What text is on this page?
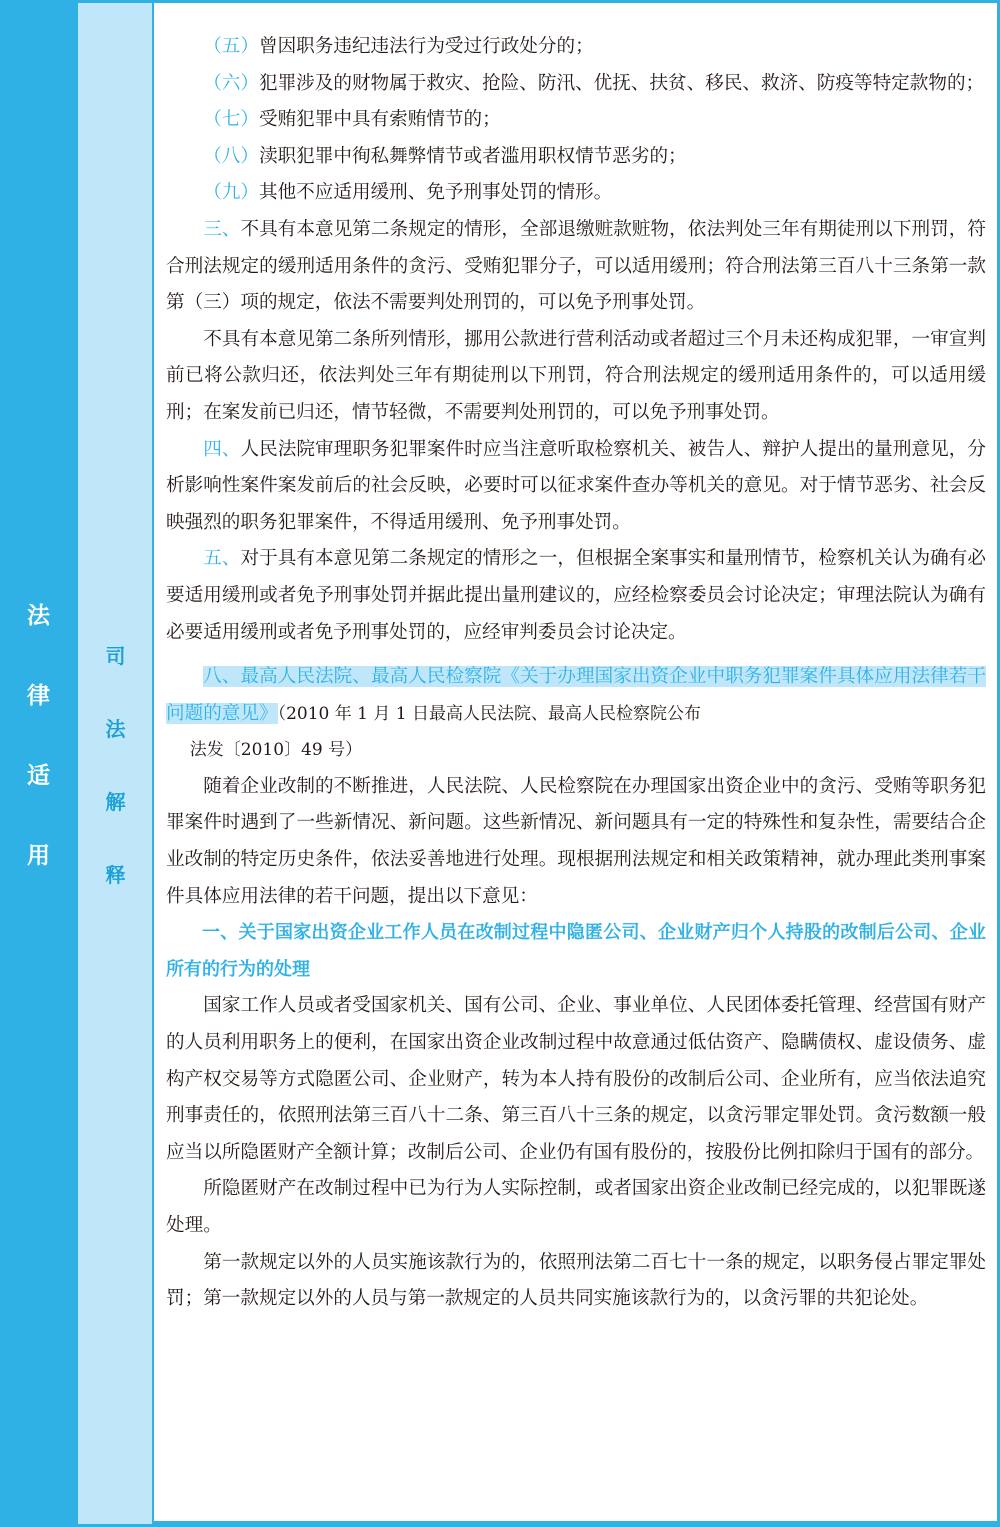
法
律
适
用
司
法
解
释

（五）曾因职务违纪违法行为受过行政处分的；

（六）犯罪涉及的财物属于救灾、抢险、防汛、优抚、扶贫、移民、救济、防疫等特定款物的；

（七）受贿犯罪中具有索贿情节的；

（八）渎职犯罪中徇私舞弊情节或者滥用职权情节恶劣的；

（九）其他不应适用缓刑、免予刑事处罚的情形。

三、不具有本意见第二条规定的情形，全部退缴赃款赃物，依法判处三年有期徒刑以下刑罚，符合刑法规定的缓刑适用条件的贪污、受贿犯罪分子，可以适用缓刑；符合刑法第三百八十三条第一款第（三）项的规定，依法不需要判处刑罚的，可以免予刑事处罚。

不具有本意见第二条所列情形，挪用公款进行营利活动或者超过三个月未还构成犯罪，一审宣判前已将公款归还，依法判处三年有期徒刑以下刑罚，符合刑法规定的缓刑适用条件的，可以适用缓刑；在案发前已归还，情节轻微，不需要判处刑罚的，可以免予刑事处罚。

四、人民法院审理职务犯罪案件时应当注意听取检察机关、被告人、辩护人提出的量刑意见，分析影响性案件案发前后的社会反映，必要时可以征求案件查办等机关的意见。对于情节恶劣、社会反映强烈的职务犯罪案件，不得适用缓刑、免予刑事处罚。

五、对于具有本意见第二条规定的情形之一，但根据全案事实和量刑情节，检察机关认为确有必要适用缓刑或者免予刑事处罚并据此提出量刑建议的，应经检察委员会讨论决定；审理法院认为确有必要适用缓刑或者免予刑事处罚的，应经审判委员会讨论决定。

八、最高人民法院、最高人民检察院《关于办理国家出资企业中职务犯罪案件具体应用法律若干问题的意见》（2010 年 1 月 1 日最高人民法院、最高人民检察院公布

法发〔2010〕49 号）

随着企业改制的不断推进，人民法院、人民检察院在办理国家出资企业中的贪污、受贿等职务犯罪案件时遇到了一些新情况、新问题。这些新情况、新问题具有一定的特殊性和复杂性，需要结合企业改制的特定历史条件，依法妥善地进行处理。现根据刑法规定和相关政策精神，就办理此类刑事案件具体应用法律的若干问题，提出以下意见：

一、关于国家出资企业工作人员在改制过程中隐匿公司、企业财产归个人持股的改制后公司、企业所有的行为的处理

国家工作人员或者受国家机关、国有公司、企业、事业单位、人民团体委托管理、经营国有财产的人员利用职务上的便利，在国家出资企业改制过程中故意通过低估资产、隐瞒债权、虚设债务、虚构产权交易等方式隐匿公司、企业财产，转为本人持有股份的改制后公司、企业所有，应当依法追究刑事责任的，依照刑法第三百八十二条、第三百八十三条的规定，以贪污罪定罪处罚。贪污数额一般应当以所隐匿财产全额计算；改制后公司、企业仍有国有股份的，按股份比例扣除归于国有的部分。

所隐匿财产在改制过程中已为行为人实际控制，或者国家出资企业改制已经完成的，以犯罪既遂处理。

第一款规定以外的人员实施该款行为的，依照刑法第二百七十一条的规定，以职务侵占罪定罪处罚；第一款规定以外的人员与第一款规定的人员共同实施该款行为的，以贪污罪的共犯论处。
